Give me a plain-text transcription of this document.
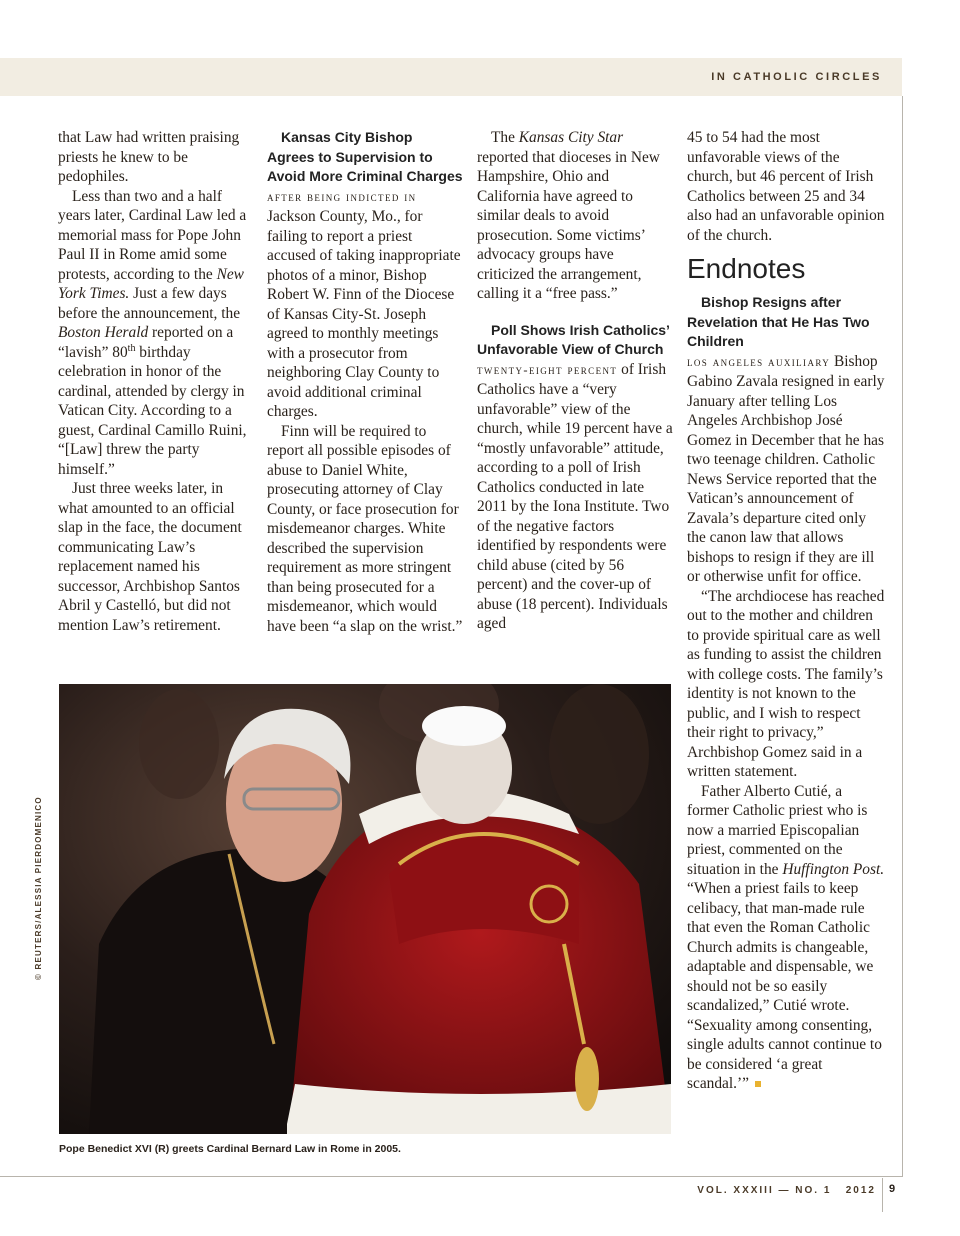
IN CATHOLIC CIRCLES

that Law had written praising priests he knew to be pedophiles.

Less than two and a half years later, Cardinal Law led a memorial mass for Pope John Paul II in Rome amid some protests, according to the New York Times. Just a few days before the announcement, the Boston Herald reported on a “lavish” 80th birthday celebration in honor of the cardinal, attended by clergy in Vatican City. According to a guest, Cardinal Camillo Ruini, “[Law] threw the party himself.”

Just three weeks later, in what amounted to an official slap in the face, the document communicating Law’s replacement named his successor, Archbishop Santos Abril y Castelló, but did not mention Law’s retirement.

Kansas City Bishop Agrees to Supervision to Avoid More Criminal Charges

after being indicted in Jackson County, Mo., for failing to report a priest accused of taking inappropriate photos of a minor, Bishop Robert W. Finn of the Diocese of Kansas City-St. Joseph agreed to monthly meetings with a prosecutor from neighboring Clay County to avoid additional criminal charges.

Finn will be required to report all possible episodes of abuse to Daniel White, prosecuting attorney of Clay County, or face prosecution for misdemeanor charges. White described the supervision requirement as more stringent than being prosecuted for a misdemeanor, which would have been “a slap on the wrist.”

The Kansas City Star reported that dioceses in New Hampshire, Ohio and California have agreed to similar deals to avoid prosecution. Some victims’ advocacy groups have criticized the arrangement, calling it a “free pass.”

Poll Shows Irish Catholics’ Unfavorable View of Church

twenty-eight percent of Irish Catholics have a “very unfavorable” view of the church, while 19 percent have a “mostly unfavorable” attitude, according to a poll of Irish Catholics conducted in late 2011 by the Iona Institute. Two of the negative factors identified by respondents were child abuse (cited by 56 percent) and the cover-up of abuse (18 percent). Individuals aged

45 to 54 had the most unfavorable views of the church, but 46 percent of Irish Catholics between 25 and 34 also had an unfavorable opinion of the church.

Endnotes

Bishop Resigns after Revelation that He Has Two Children

los angeles auxiliary Bishop Gabino Zavala resigned in early January after telling Los Angeles Archbishop José Gomez in December that he has two teenage children. Catholic News Service reported that the Vatican’s announcement of Zavala’s departure cited only the canon law that allows bishops to resign if they are ill or otherwise unfit for office.

“The archdiocese has reached out to the mother and children to provide spiritual care as well as funding to assist the children with college costs. The family’s identity is not known to the public, and I wish to respect their right to privacy,” Archbishop Gomez said in a written statement.

Father Alberto Cutié, a former Catholic priest who is now a married Episcopalian priest, commented on the situation in the Huffington Post. “When a priest fails to keep celibacy, that man-made rule that even the Roman Catholic Church admits is changeable, adaptable and dispensable, we should not be so easily scandalized,” Cutié wrote. “Sexuality among consenting, single adults cannot continue to be considered ‘a great scandal.’”

© REUTERS/ALESSIA PIERDOMENICO
Pope Benedict XVI (R) greets Cardinal Bernard Law in Rome in 2005.
VOL. XXXIII — NO. 1   2012 9
